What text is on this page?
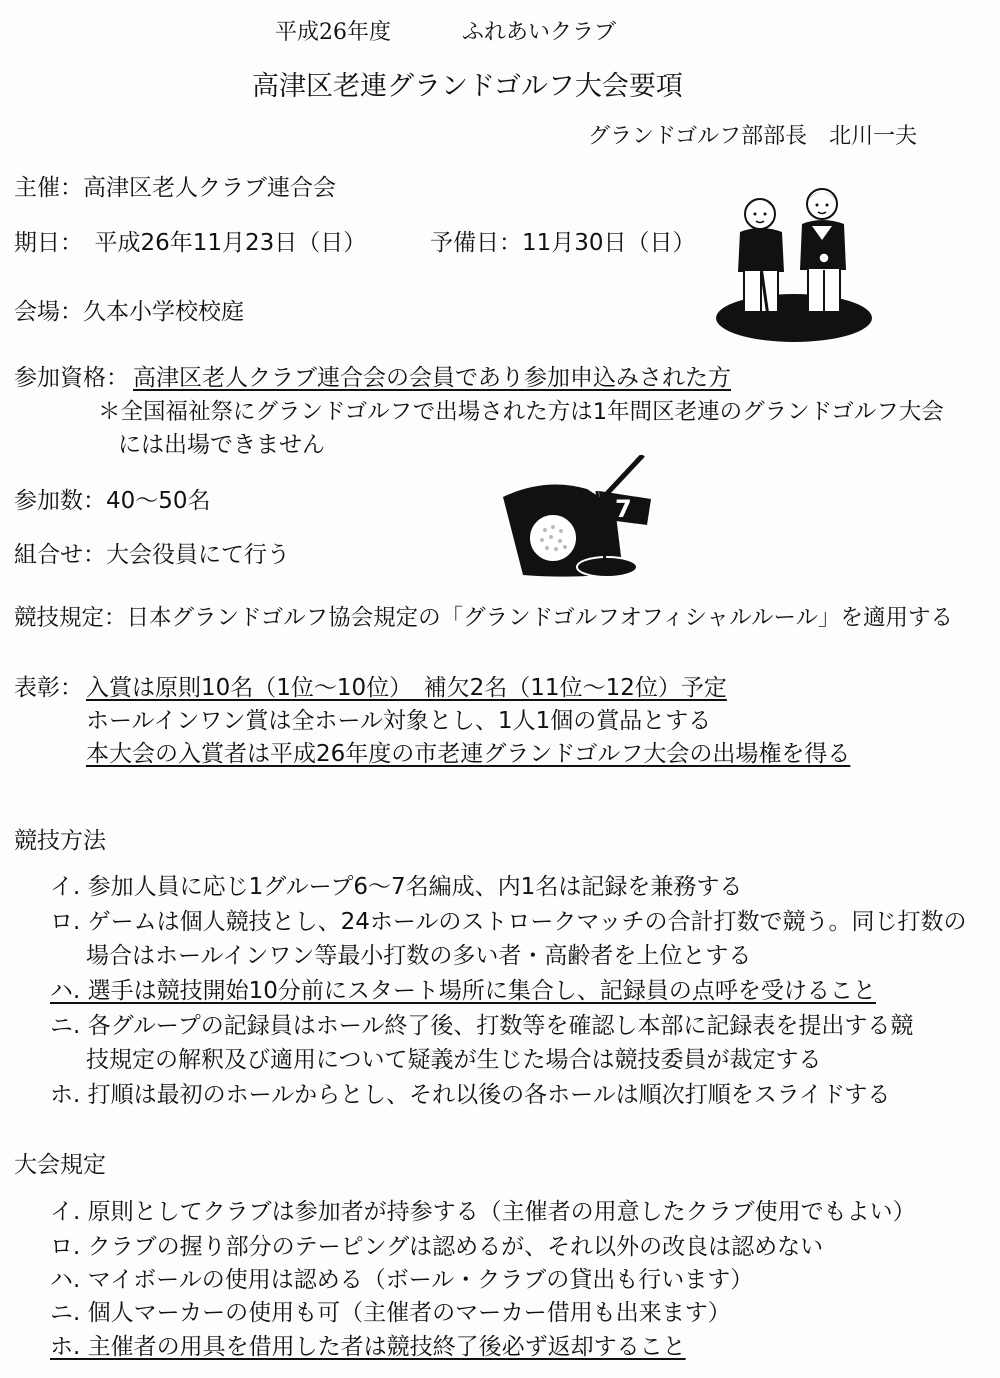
平成26年度	ふれあいクラブ
高津区老連グランドゴルフ大会要項
グランドゴルフ部部長　北川一夫
主催：高津区老人クラブ連合会
期日：　平成26年11月23日（日）	予備日：11月30日（日）
会場：久本小学校校庭
参加資格： 高津区老人クラブ連合会の会員であり参加申込みされた方
＊全国福祉祭にグランドゴルフで出場された方は1年間区老連のグランドゴルフ大会
には出場できません
参加数：40～50名
組合せ：大会役員にて行う
競技規定：日本グランドゴルフ協会規定の「グランドゴルフオフィシャルルール」を適用する
表彰： 入賞は原則10名（1位～10位）　補欠2名（11位～12位）予定
ホールインワン賞は全ホール対象とし、1人1個の賞品とする
本大会の入賞者は平成26年度の市老連グランドゴルフ大会の出場権を得る
競技方法
イ. 参加人員に応じ1グループ6～7名編成、内1名は記録を兼務する
ロ. ゲームは個人競技とし、24ホールのストロークマッチの合計打数で競う。同じ打数の
場合はホールインワン等最小打数の多い者・高齢者を上位とする
ハ. 選手は競技開始10分前にスタート場所に集合し、記録員の点呼を受けること
ニ. 各グループの記録員はホール終了後、打数等を確認し本部に記録表を提出する競
技規定の解釈及び適用について疑義が生じた場合は競技委員が裁定する
ホ. 打順は最初のホールからとし、それ以後の各ホールは順次打順をスライドする
大会規定
イ. 原則としてクラブは参加者が持参する（主催者の用意したクラブ使用でもよい）
ロ. クラブの握り部分のテーピングは認めるが、それ以外の改良は認めない
ハ. マイボールの使用は認める（ボール・クラブの貸出も行います）
ニ. 個人マーカーの使用も可（主催者のマーカー借用も出来ます）
ホ. 主催者の用具を借用した者は競技終了後必ず返却すること
7
